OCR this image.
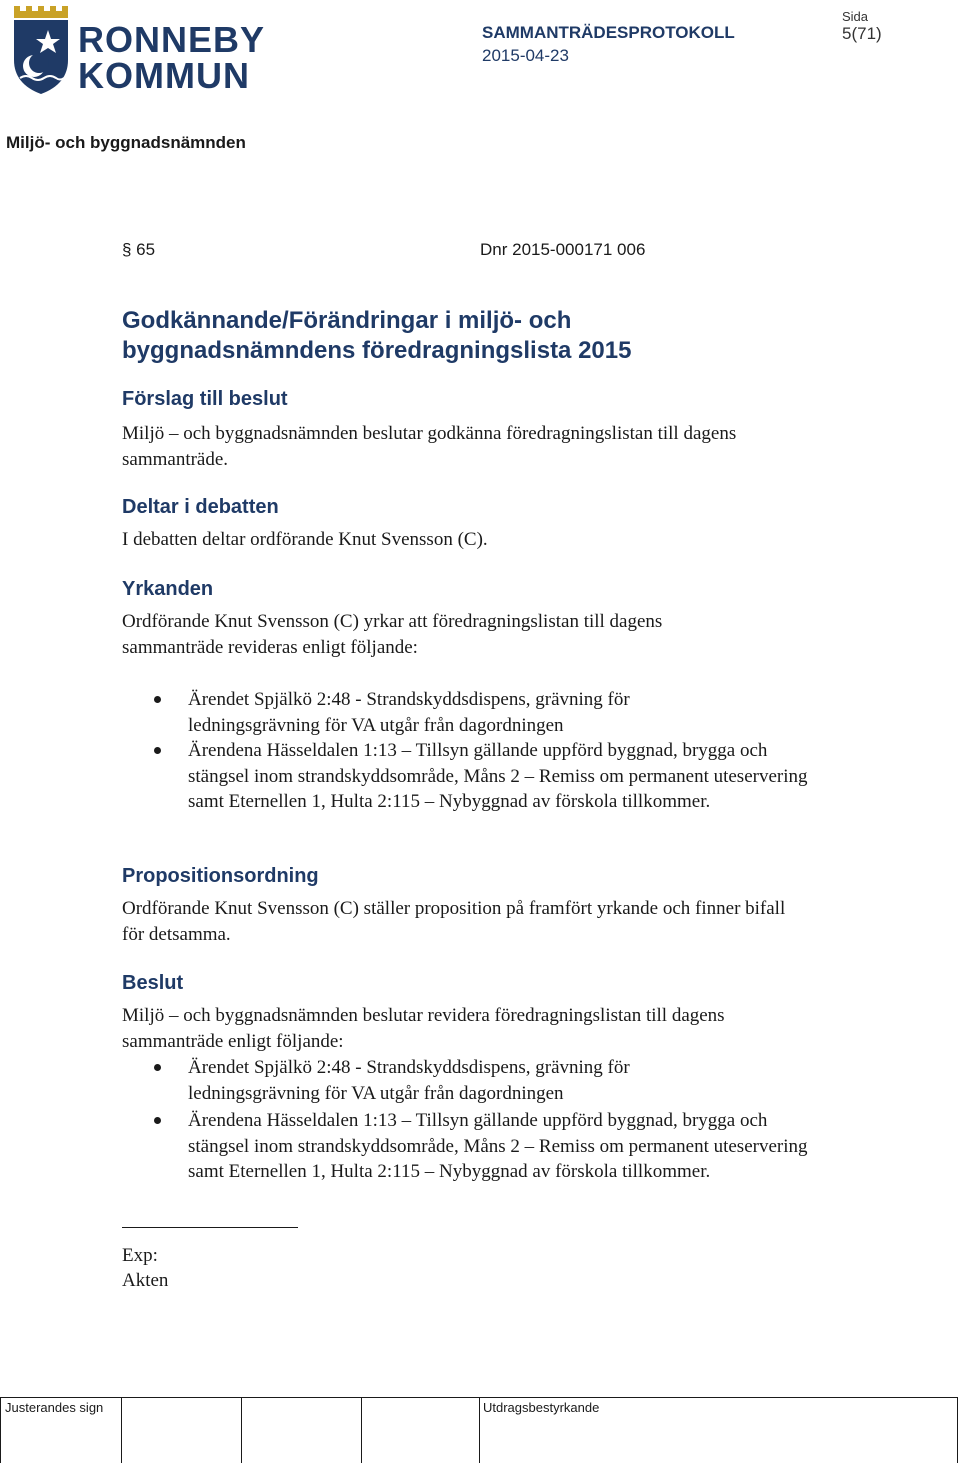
RONNEBY
KOMMUN
SAMMANTRÄDESPROTOKOLL
2015-04-23
Sida
5(71)
Miljö- och byggnadsnämnden
§ 65	Dnr 2015-000171 006
Godkännande/Förändringar i miljö- och byggnadsnämndens föredragningslista 2015
Förslag till beslut
Miljö – och byggnadsnämnden beslutar godkänna föredragningslistan till dagens sammanträde.
Deltar i debatten
I debatten deltar ordförande Knut Svensson (C).
Yrkanden
Ordförande Knut Svensson (C) yrkar att föredragningslistan till dagens sammanträde revideras enligt följande:
Ärendet Spjälkö 2:48 - Strandskyddsdispens, grävning för ledningsgrävning för VA utgår från dagordningen
Ärendena Hässeldalen 1:13 – Tillsyn gällande uppförd byggnad, brygga och stängsel inom strandskyddsområde, Måns 2 – Remiss om permanent uteservering samt Eternellen 1, Hulta 2:115 – Nybyggnad av förskola tillkommer.
Propositionsordning
Ordförande Knut Svensson (C) ställer proposition på framfört yrkande och finner bifall för detsamma.
Beslut
Miljö – och byggnadsnämnden beslutar revidera föredragningslistan till dagens sammanträde enligt följande:
Ärendet Spjälkö 2:48 - Strandskyddsdispens, grävning för ledningsgrävning för VA utgår från dagordningen
Ärendena Hässeldalen 1:13 – Tillsyn gällande uppförd byggnad, brygga och stängsel inom strandskyddsområde, Måns 2 – Remiss om permanent uteservering samt Eternellen 1, Hulta 2:115 – Nybyggnad av förskola tillkommer.
Exp:
Akten
Justerandes sign	Utdragsbestyrkande
